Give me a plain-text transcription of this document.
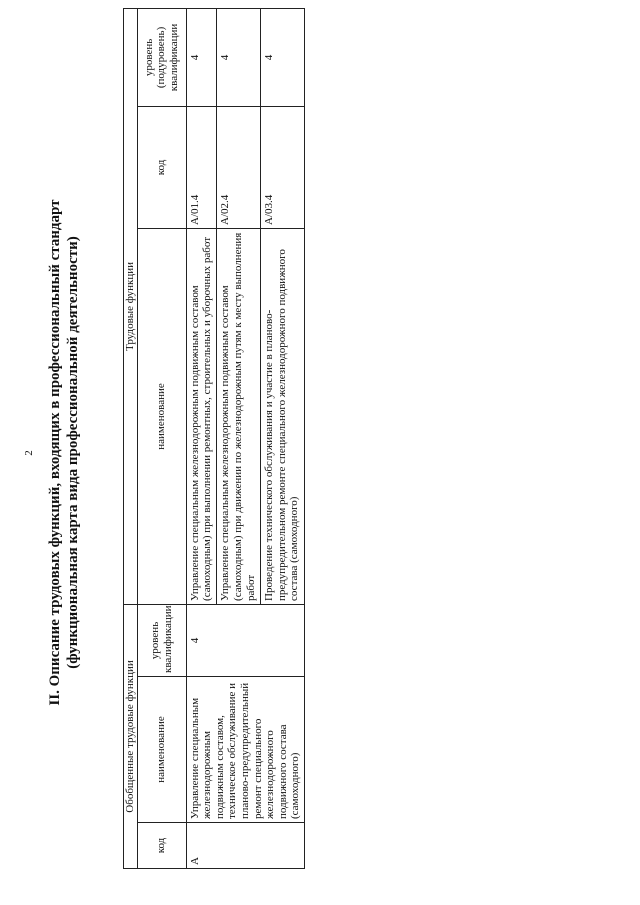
2 II. Описание трудовых функций, входящих в профессиональный стандарт (функциональная карта вида профессиональной деятельности)
Обобщенные трудовые функции			Трудовые функции		
код	наименование	уровень квалификации	наименование	код	уровень (подуровень) квалификации
А	Управление специальным железнодорожным подвижным составом, техническое обслуживание и планово-предупредительный ремонт специального железнодорожного подвижного состава (самоходного)	4	Управление специальным железнодорожным подвижным составом (самоходным) при выполнении ремонтных, строительных и уборочных работ	А/01.4	4
			Управление специальным железнодорожным подвижным составом (самоходным) при движении по железнодорожным путям к месту выполнения работ	А/02.4	4
			Проведение технического обслуживания и участие в планово-предупредительном ремонте специального железнодорожного подвижного состава (самоходного)	А/03.4	4
